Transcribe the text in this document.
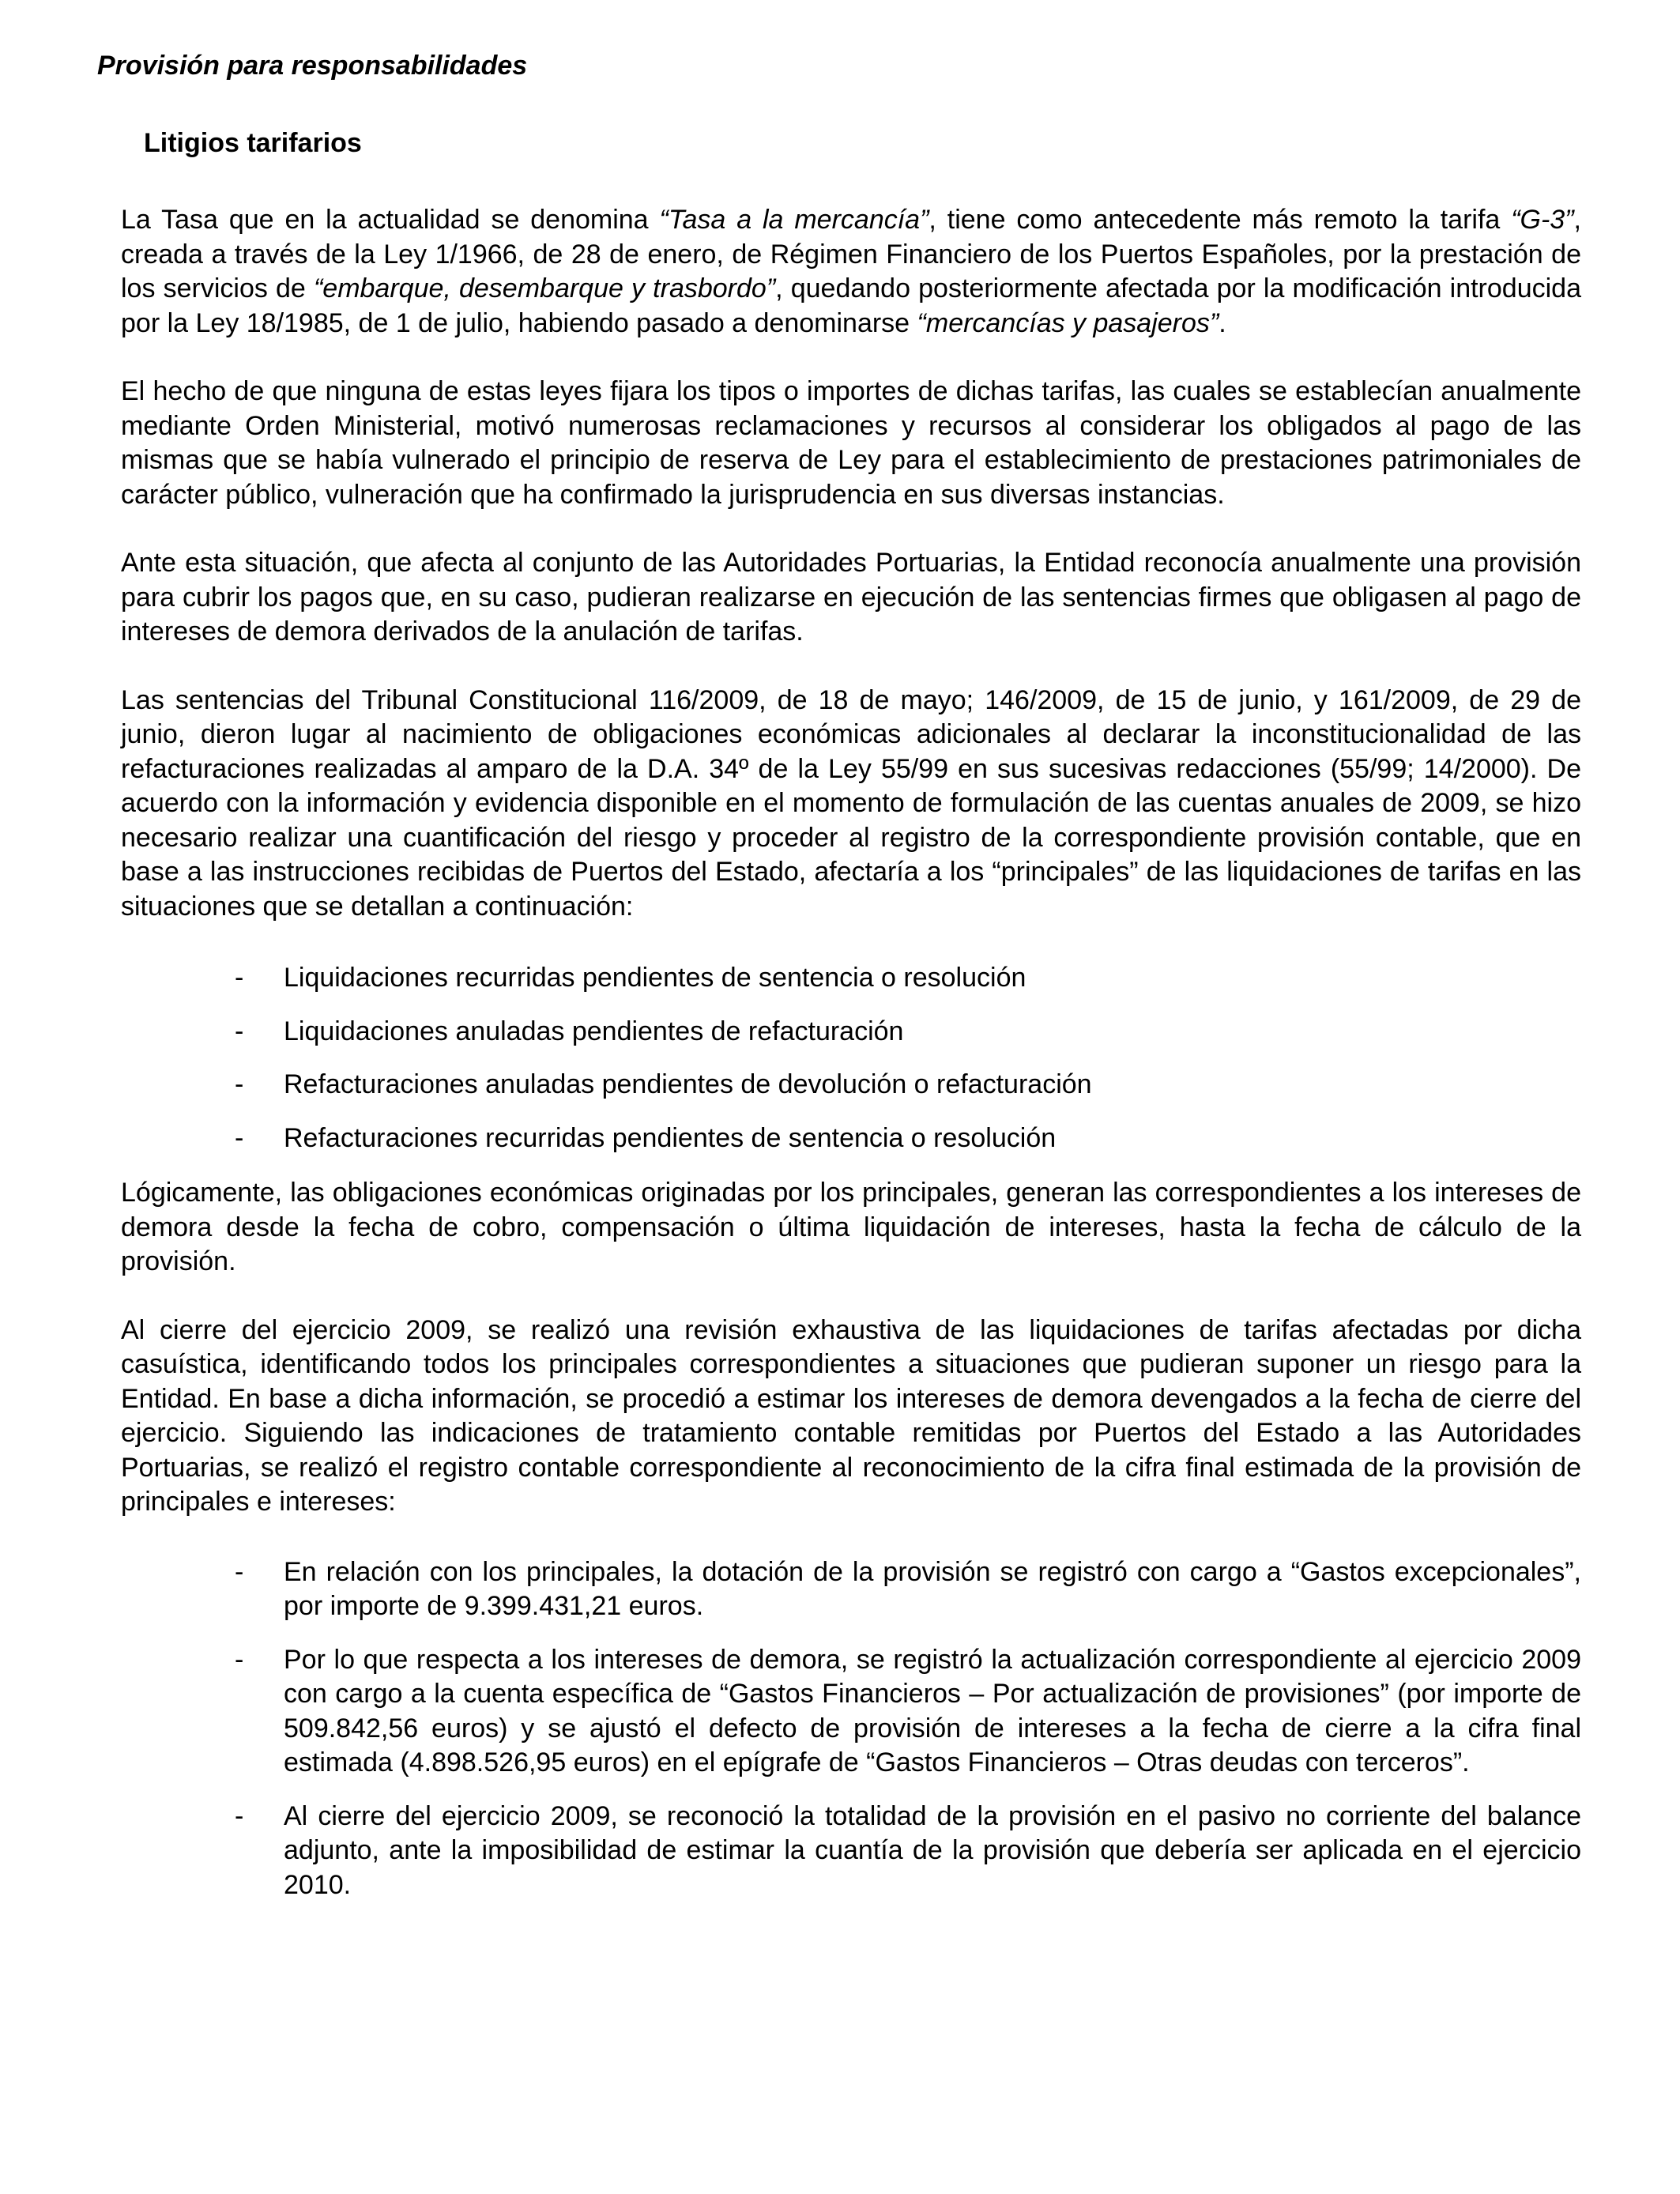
Provisión para responsabilidades
Litigios tarifarios

La Tasa que en la actualidad se denomina “Tasa a la mercancía”, tiene como antecedente más remoto la tarifa “G-3”, creada a través de la Ley 1/1966, de 28 de enero, de Régimen Financiero de los Puertos Españoles, por la prestación de los servicios de “embarque, desembarque y trasbordo”, quedando posteriormente afectada por la modificación introducida por la Ley 18/1985, de 1 de julio, habiendo pasado a denominarse “mercancías y pasajeros”.

El hecho de que ninguna de estas leyes fijara los tipos o importes de dichas tarifas, las cuales se establecían anualmente mediante Orden Ministerial, motivó numerosas reclamaciones y recursos al considerar los obligados al pago de las mismas que se había vulnerado el principio de reserva de Ley para el establecimiento de prestaciones patrimoniales de carácter público, vulneración que ha confirmado la jurisprudencia en sus diversas instancias.

Ante esta situación, que afecta al conjunto de las Autoridades Portuarias, la Entidad reconocía anualmente una provisión para cubrir los pagos que, en su caso, pudieran realizarse en ejecución de las sentencias firmes que obligasen al pago de intereses de demora derivados de la anulación de tarifas.

Las sentencias del Tribunal Constitucional 116/2009, de 18 de mayo; 146/2009, de 15 de junio, y 161/2009, de 29 de junio, dieron lugar al nacimiento de obligaciones económicas adicionales al declarar la inconstitucionalidad de las refacturaciones realizadas al amparo de la D.A. 34º de la Ley 55/99 en sus sucesivas redacciones (55/99; 14/2000). De acuerdo con la información y evidencia disponible en el momento de formulación de las cuentas anuales de 2009, se hizo necesario realizar una cuantificación del riesgo y proceder al registro de la correspondiente provisión contable, que en base a las instrucciones recibidas de Puertos del Estado, afectaría a los “principales” de las liquidaciones de tarifas en las situaciones que se detallan a continuación:

- Liquidaciones recurridas pendientes de sentencia o resolución
- Liquidaciones anuladas pendientes de refacturación
- Refacturaciones anuladas pendientes de devolución o refacturación
- Refacturaciones recurridas pendientes de sentencia o resolución

Lógicamente, las obligaciones económicas originadas por los principales, generan las correspondientes a los intereses de demora desde la fecha de cobro, compensación o última liquidación de intereses, hasta la fecha de cálculo de la provisión.

Al cierre del ejercicio 2009, se realizó una revisión exhaustiva de las liquidaciones de tarifas afectadas por dicha casuística, identificando todos los principales correspondientes a situaciones que pudieran suponer un riesgo para la Entidad. En base a dicha información, se procedió a estimar los intereses de demora devengados a la fecha de cierre del ejercicio. Siguiendo las indicaciones de tratamiento contable remitidas por Puertos del Estado a las Autoridades Portuarias, se realizó el registro contable correspondiente al reconocimiento de la cifra final estimada de la provisión de principales e intereses:

- En relación con los principales, la dotación de la provisión se registró con cargo a “Gastos excepcionales”, por importe de 9.399.431,21 euros.
- Por lo que respecta a los intereses de demora, se registró la actualización correspondiente al ejercicio 2009 con cargo a la cuenta específica de “Gastos Financieros – Por actualización de provisiones” (por importe de 509.842,56 euros) y se ajustó el defecto de provisión de intereses a la fecha de cierre a la cifra final estimada (4.898.526,95 euros) en el epígrafe de “Gastos Financieros – Otras deudas con terceros”.
- Al cierre del ejercicio 2009, se reconoció la totalidad de la provisión en el pasivo no corriente del balance adjunto, ante la imposibilidad de estimar la cuantía de la provisión que debería ser aplicada en el ejercicio 2010.
